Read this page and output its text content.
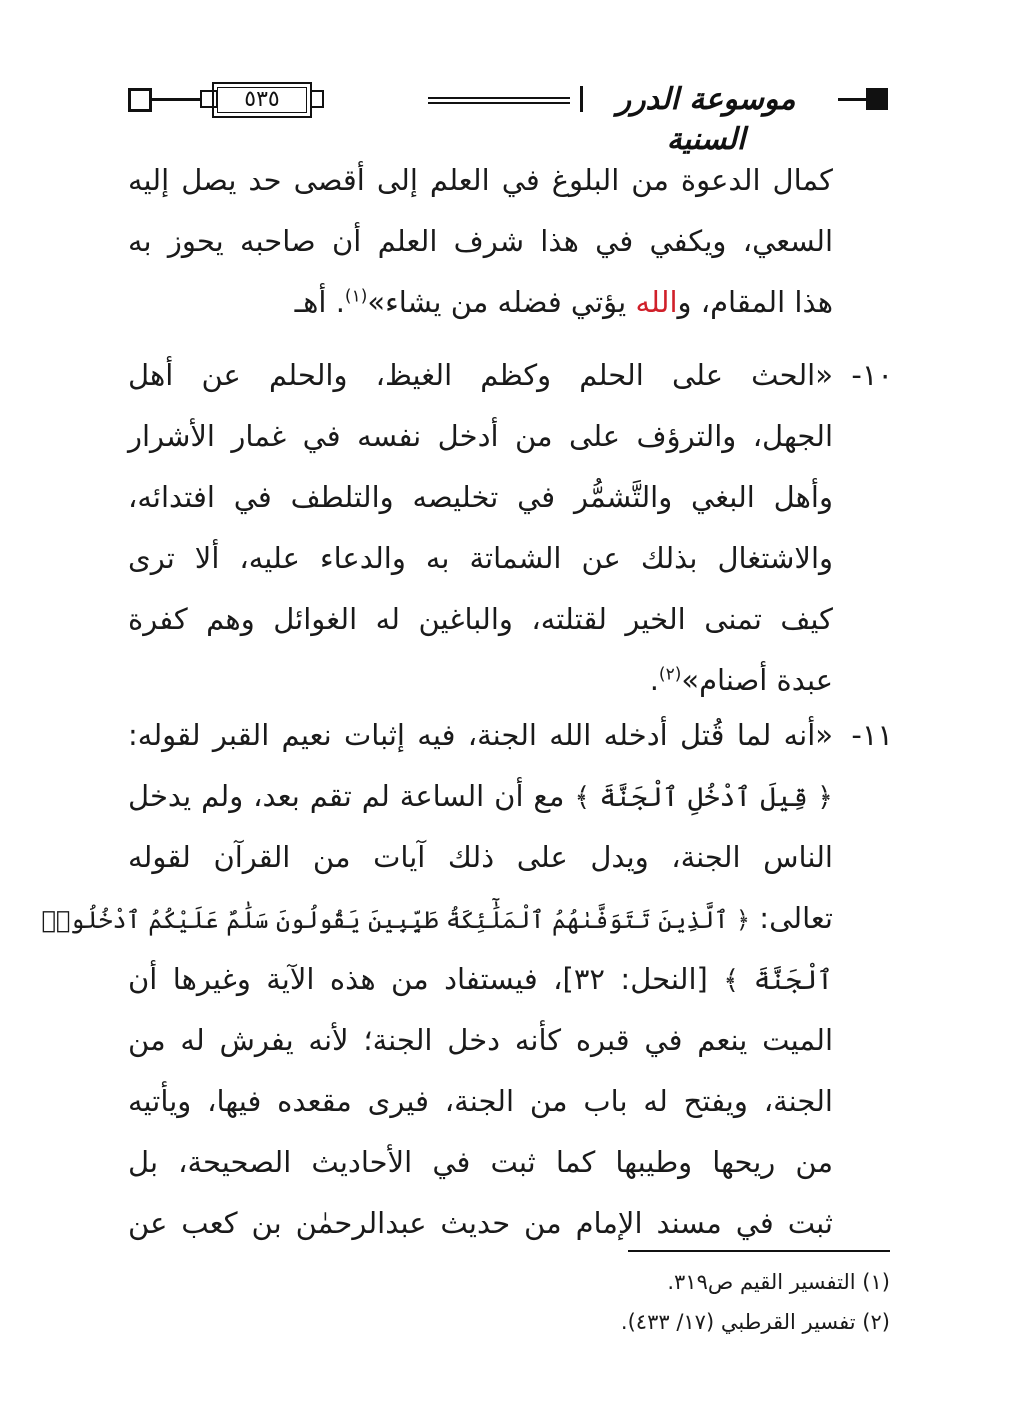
موسوعة الدرر السنية
٥٣٥
كمال الدعوة من البلوغ في العلم إلى أقصى حد يصل إليه
السعي، ويكفي في هذا شرف العلم أن صاحبه يحوز به
هذا المقام، والله يؤتي فضله من يشاء»$^{(١)}$. أهـ
١٠-
«الحث على الحلم وكظم الغيظ، والحلم عن أهل
الجهل، والترؤف على من أدخل نفسه في غمار الأشرار
وأهل البغي والتَّشمُّر في تخليصه والتلطف في افتدائه،
والاشتغال بذلك عن الشماتة به والدعاء عليه، ألا ترى
كيف تمنى الخير لقتلته، والباغين له الغوائل وهم كفرة
عبدة أصنام»$^{(٢)}$.
١١-
«أنه لما قُتل أدخله الله الجنة، فيه إثبات نعيم القبر لقوله:
﴿ قِيلَ ٱدْخُلِ ٱلْجَنَّةَ ﴾ مع أن الساعة لم تقم بعد، ولم يدخل
الناس الجنة، ويدل على ذلك آيات من القرآن لقوله
تعالى: ﴿ ٱلَّذِينَ تَتَوَفَّىٰهُمُ ٱلْمَلَٰٓئِكَةُ طَيِّبِينَ يَقُولُونَ سَلَٰمٌ عَلَيْكُمُ ٱدْخُلُوا۟
ٱلْجَنَّةَ ﴾ [النحل: ٣٢]، فيستفاد من هذه الآية وغيرها أن
الميت ينعم في قبره كأنه دخل الجنة؛ لأنه يفرش له من
الجنة، ويفتح له باب من الجنة، فيرى مقعده فيها، ويأتيه
من ريحها وطيبها كما ثبت في الأحاديث الصحيحة، بل
ثبت في مسند الإمام من حديث عبدالرحمٰن بن كعب عن
(١) التفسير القيم ص٣١٩.
(٢) تفسير القرطبي (١٧/ ٤٣٣).
